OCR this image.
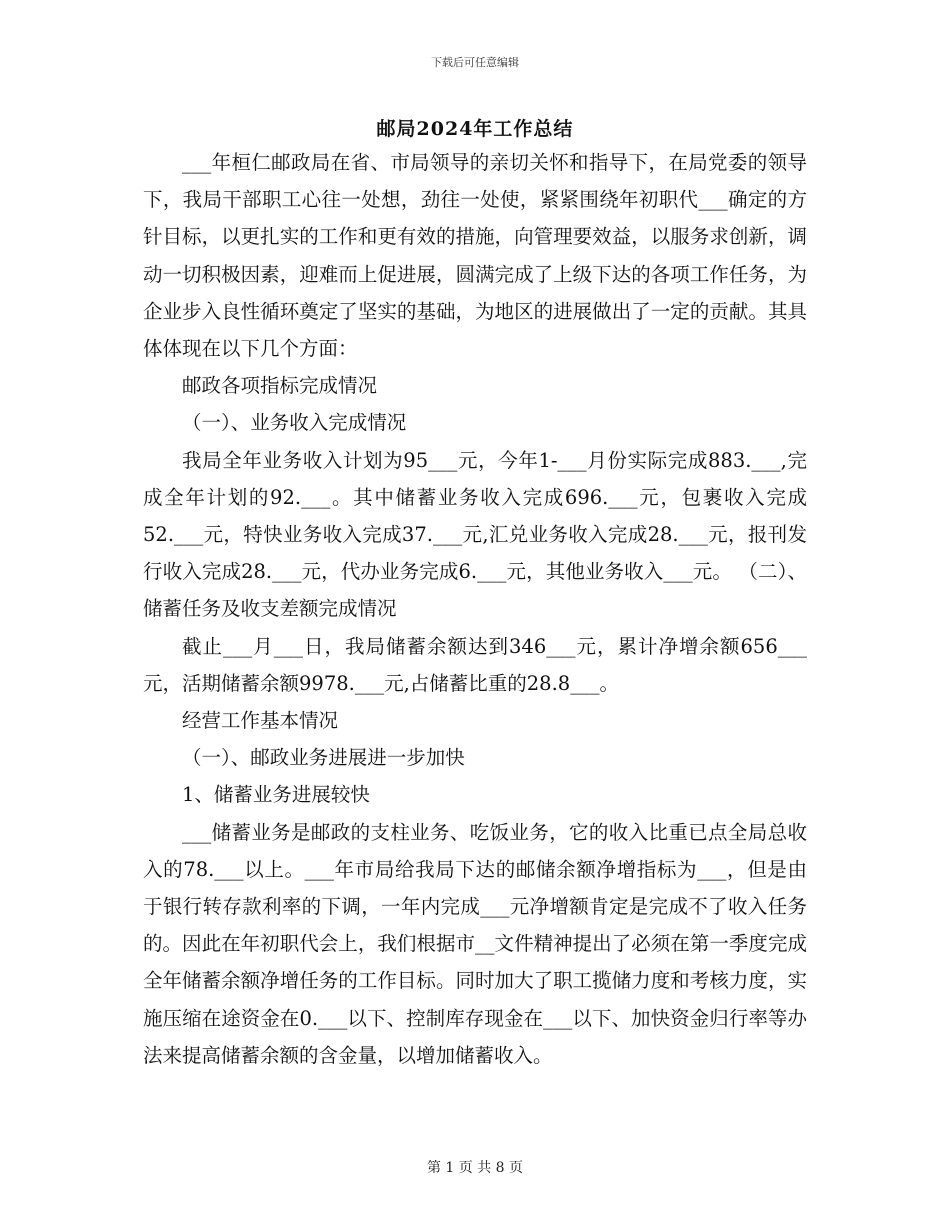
下载后可任意编辑
邮局2024年工作总结

___年桓仁邮政局在省、市局领导的亲切关怀和指导下，在局党委的领导下，我局干部职工心往一处想，劲往一处使，紧紧围绕年初职代___确定的方针目标，以更扎实的工作和更有效的措施，向管理要效益，以服务求创新，调动一切积极因素，迎难而上促进展，圆满完成了上级下达的各项工作任务，为企业步入良性循环奠定了坚实的基础，为地区的进展做出了一定的贡献。其具体体现在以下几个方面：

邮政各项指标完成情况

（一）、业务收入完成情况

我局全年业务收入计划为95___元，今年1-___月份实际完成883.___,完成全年计划的92.___。其中储蓄业务收入完成696.___元，包裹收入完成52.___元，特快业务收入完成37.___元,汇兑业务收入完成28.___元，报刊发行收入完成28.___元，代办业务完成6.___元，其他业务收入___元。 （二）、储蓄任务及收支差额完成情况

截止___月___日，我局储蓄余额达到346___元，累计净增余额656___元，活期储蓄余额9978.___元,占储蓄比重的28.8___。

经营工作基本情况

（一）、邮政业务进展进一步加快

1、储蓄业务进展较快

___储蓄业务是邮政的支柱业务、吃饭业务，它的收入比重已点全局总收入的78.___以上。___年市局给我局下达的邮储余额净增指标为___，但是由于银行转存款利率的下调，一年内完成___元净增额肯定是完成不了收入任务的。因此在年初职代会上，我们根据市__文件精神提出了必须在第一季度完成全年储蓄余额净增任务的工作目标。同时加大了职工揽储力度和考核力度，实施压缩在途资金在0.___以下、控制库存现金在___以下、加快资金归行率等办法来提高储蓄余额的含金量，以增加储蓄收入。

第 1 页 共 8 页
